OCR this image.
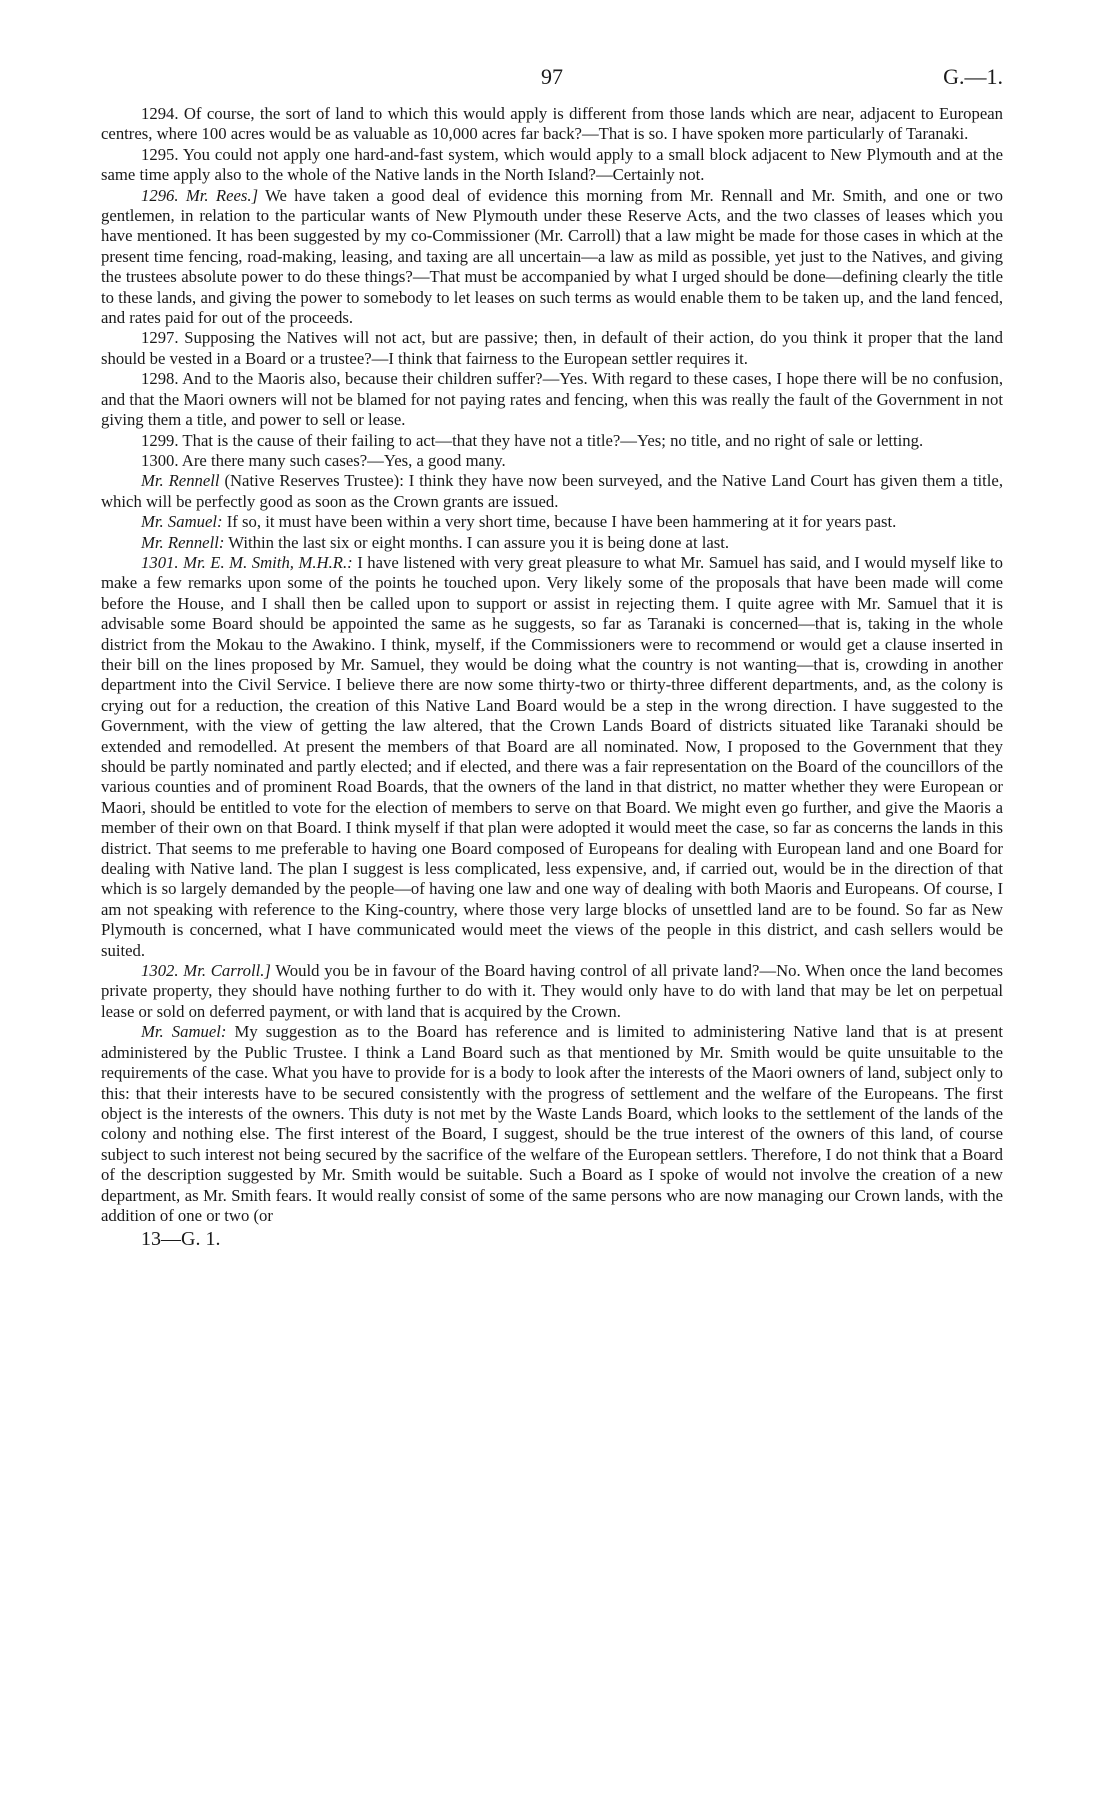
97	G.—1.

1294. Of course, the sort of land to which this would apply is different from those lands which are near, adjacent to European centres, where 100 acres would be as valuable as 10,000 acres far back?—That is so. I have spoken more particularly of Taranaki.

1295. You could not apply one hard-and-fast system, which would apply to a small block adjacent to New Plymouth and at the same time apply also to the whole of the Native lands in the North Island?—Certainly not.

1296. Mr. Rees.] We have taken a good deal of evidence this morning from Mr. Rennall and Mr. Smith, and one or two gentlemen, in relation to the particular wants of New Plymouth under these Reserve Acts, and the two classes of leases which you have mentioned. It has been suggested by my co-Commissioner (Mr. Carroll) that a law might be made for those cases in which at the present time fencing, road-making, leasing, and taxing are all uncertain—a law as mild as possible, yet just to the Natives, and giving the trustees absolute power to do these things?—That must be accompanied by what I urged should be done—defining clearly the title to these lands, and giving the power to somebody to let leases on such terms as would enable them to be taken up, and the land fenced, and rates paid for out of the proceeds.

1297. Supposing the Natives will not act, but are passive; then, in default of their action, do you think it proper that the land should be vested in a Board or a trustee?—I think that fairness to the European settler requires it.

1298. And to the Maoris also, because their children suffer?—Yes. With regard to these cases, I hope there will be no confusion, and that the Maori owners will not be blamed for not paying rates and fencing, when this was really the fault of the Government in not giving them a title, and power to sell or lease.

1299. That is the cause of their failing to act—that they have not a title?—Yes; no title, and no right of sale or letting.

1300. Are there many such cases?—Yes, a good many.

Mr. Rennell (Native Reserves Trustee): I think they have now been surveyed, and the Native Land Court has given them a title, which will be perfectly good as soon as the Crown grants are issued.

Mr. Samuel: If so, it must have been within a very short time, because I have been hammering at it for years past.

Mr. Rennell: Within the last six or eight months. I can assure you it is being done at last.

1301. Mr. E. M. Smith, M.H.R.: I have listened with very great pleasure to what Mr. Samuel has said, and I would myself like to make a few remarks upon some of the points he touched upon. Very likely some of the proposals that have been made will come before the House, and I shall then be called upon to support or assist in rejecting them. I quite agree with Mr. Samuel that it is advisable some Board should be appointed the same as he suggests, so far as Taranaki is concerned—that is, taking in the whole district from the Mokau to the Awakino. I think, myself, if the Commissioners were to recommend or would get a clause inserted in their bill on the lines proposed by Mr. Samuel, they would be doing what the country is not wanting—that is, crowding in another department into the Civil Service. I believe there are now some thirty-two or thirty-three different departments, and, as the colony is crying out for a reduction, the creation of this Native Land Board would be a step in the wrong direction. I have suggested to the Government, with the view of getting the law altered, that the Crown Lands Board of districts situated like Taranaki should be extended and remodelled. At present the members of that Board are all nominated. Now, I proposed to the Government that they should be partly nominated and partly elected; and if elected, and there was a fair representation on the Board of the councillors of the various counties and of prominent Road Boards, that the owners of the land in that district, no matter whether they were European or Maori, should be entitled to vote for the election of members to serve on that Board. We might even go further, and give the Maoris a member of their own on that Board. I think myself if that plan were adopted it would meet the case, so far as concerns the lands in this district. That seems to me preferable to having one Board composed of Europeans for dealing with European land and one Board for dealing with Native land. The plan I suggest is less complicated, less expensive, and, if carried out, would be in the direction of that which is so largely demanded by the people—of having one law and one way of dealing with both Maoris and Europeans. Of course, I am not speaking with reference to the King-country, where those very large blocks of unsettled land are to be found. So far as New Plymouth is concerned, what I have communicated would meet the views of the people in this district, and cash sellers would be suited.

1302. Mr. Carroll.] Would you be in favour of the Board having control of all private land?—No. When once the land becomes private property, they should have nothing further to do with it. They would only have to do with land that may be let on perpetual lease or sold on deferred payment, or with land that is acquired by the Crown.

Mr. Samuel: My suggestion as to the Board has reference and is limited to administering Native land that is at present administered by the Public Trustee. I think a Land Board such as that mentioned by Mr. Smith would be quite unsuitable to the requirements of the case. What you have to provide for is a body to look after the interests of the Maori owners of land, subject only to this: that their interests have to be secured consistently with the progress of settlement and the welfare of the Europeans. The first object is the interests of the owners. This duty is not met by the Waste Lands Board, which looks to the settlement of the lands of the colony and nothing else. The first interest of the Board, I suggest, should be the true interest of the owners of this land, of course subject to such interest not being secured by the sacrifice of the welfare of the European settlers. Therefore, I do not think that a Board of the description suggested by Mr. Smith would be suitable. Such a Board as I spoke of would not involve the creation of a new department, as Mr. Smith fears. It would really consist of some of the same persons who are now managing our Crown lands, with the addition of one or two (or

13—G. 1.
